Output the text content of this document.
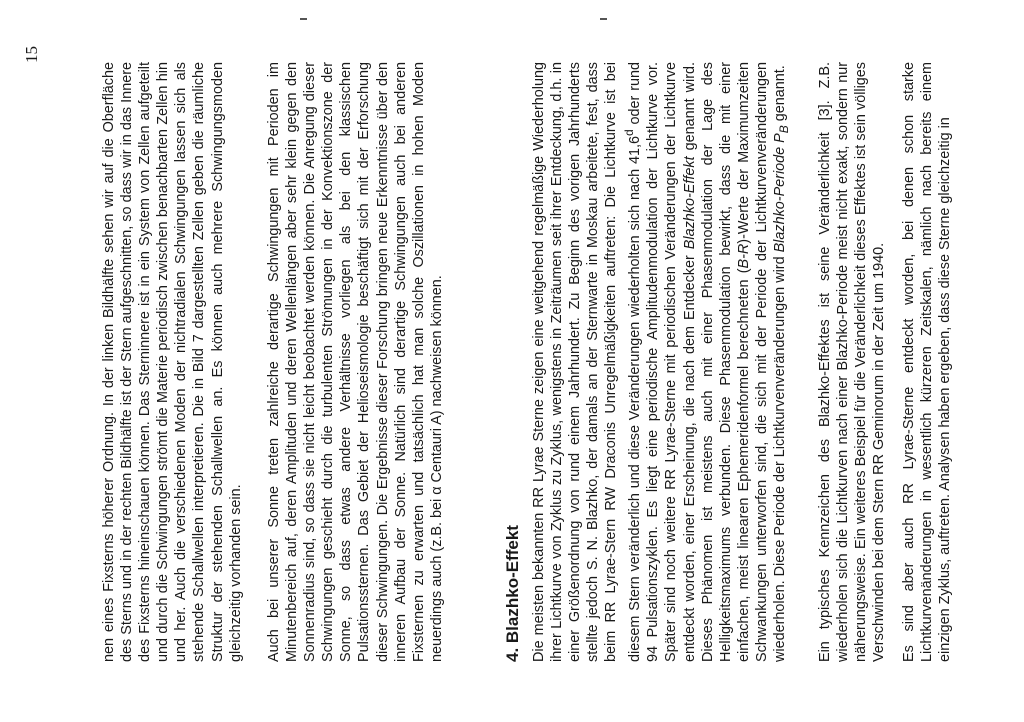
15

nen eines Fixsterns höherer Ordnung. In der linken Bildhälfte sehen wir auf die Oberfläche des Sterns und in der rechten Bildhälfte ist der Stern aufgeschnitten, so dass wir in das Innere des Fixsterns hineinschauen können. Das Sterninnere ist in ein System von Zellen aufgeteilt und durch die Schwingungen strömt die Materie periodisch zwischen benachbarten Zellen hin und her. Auch die verschiedenen Moden der nichtradialen Schwingungen lassen sich als stehende Schallwellen interpretieren. Die in Bild 7 dargestellten Zellen geben die räumliche Struktur der stehenden Schallwellen an. Es können auch mehrere Schwingungsmoden gleichzeitig vorhanden sein. Auch bei unserer Sonne treten zahlreiche derartige Schwingungen mit Perioden im Minutenbereich auf, deren Amplituden und deren Wellenlängen aber sehr klein gegen den Sonnenradius sind, so dass sie nicht leicht beobachtet werden können. Die Anregung dieser Schwingungen geschieht durch die turbulenten Strömungen in der Konvektionszone der Sonne, so dass etwas andere Verhältnisse vorliegen als bei den klassischen Pulsationssternen. Das Gebiet der Helioseismologie beschäftigt sich mit der Erforschung dieser Schwingungen. Die Ergebnisse dieser Forschung bringen neue Erkenntnisse über den inneren Aufbau der Sonne. Natürlich sind derartige Schwingungen auch bei anderen Fixsternen zu erwarten und tatsächlich hat man solche Oszillationen in hohen Moden neuerdings auch (z.B. bei α Centauri A) nachweisen können.	4. Blazhko-Effekt Die meisten bekannten RR Lyrae Sterne zeigen eine weitgehend regelmäßige Wiederholung ihrer Lichtkurve von Zyklus zu Zyklus, wenigstens in Zeiträumen seit ihrer Entdeckung, d.h. in einer Größenordnung von rund einem Jahrhundert. Zu Beginn des vorigen Jahrhunderts stellte jedoch S. N. Blazhko, der damals an der Sternwarte in Moskau arbeitete, fest, dass beim RR Lyrae-Stern RW Draconis Unregelmäßigkeiten auftreten: Die Lichtkurve ist bei diesem Stern veränderlich und diese Veränderungen wiederholten sich nach 41,6$^d$ oder rund 94 Pulsationszyklen. Es liegt eine periodische Amplitudenmodulation der Lichtkurve vor. Später sind noch weitere RR Lyrae-Sterne mit periodischen Veränderungen der Lichtkurve entdeckt worden, einer Erscheinung, die nach dem Entdecker Blazhko-Effekt genannt wird. Dieses Phänomen ist meistens auch mit einer Phasenmodulation der Lage des Helligkeitsmaximums verbunden. Diese Phasenmodulation bewirkt, dass die mit einer einfachen, meist linearen Ephemeridenformel berechneten (B-R)-Werte der Maximumzeiten Schwankungen unterworfen sind, die sich mit der Periode der Lichtkurvenveränderungen wiederholen. Diese Periode der Lichtkurvenveränderungen wird Blazhko-Periode $P_B$ genannt.	Ein typisches Kennzeichen des Blazhko-Effektes ist seine Veränderlichkeit [3]. Z.B. wiederholen sich die Lichtkurven nach einer Blazhko-Periode meist nicht exakt, sondern nur näherungsweise. Ein weiteres Beispiel für die Veränderlichkeit dieses Effektes ist sein völliges Verschwinden bei dem Stern RR Geminorum in der Zeit um 1940. Es sind aber auch RR Lyrae-Sterne entdeckt worden, bei denen schon starke Lichtkurvenänderungen in wesentlich kürzeren Zeitskalen, nämlich nach bereits einem einzigen Zyklus, auftreten. Analysen haben ergeben, dass diese Sterne gleichzeitig in
